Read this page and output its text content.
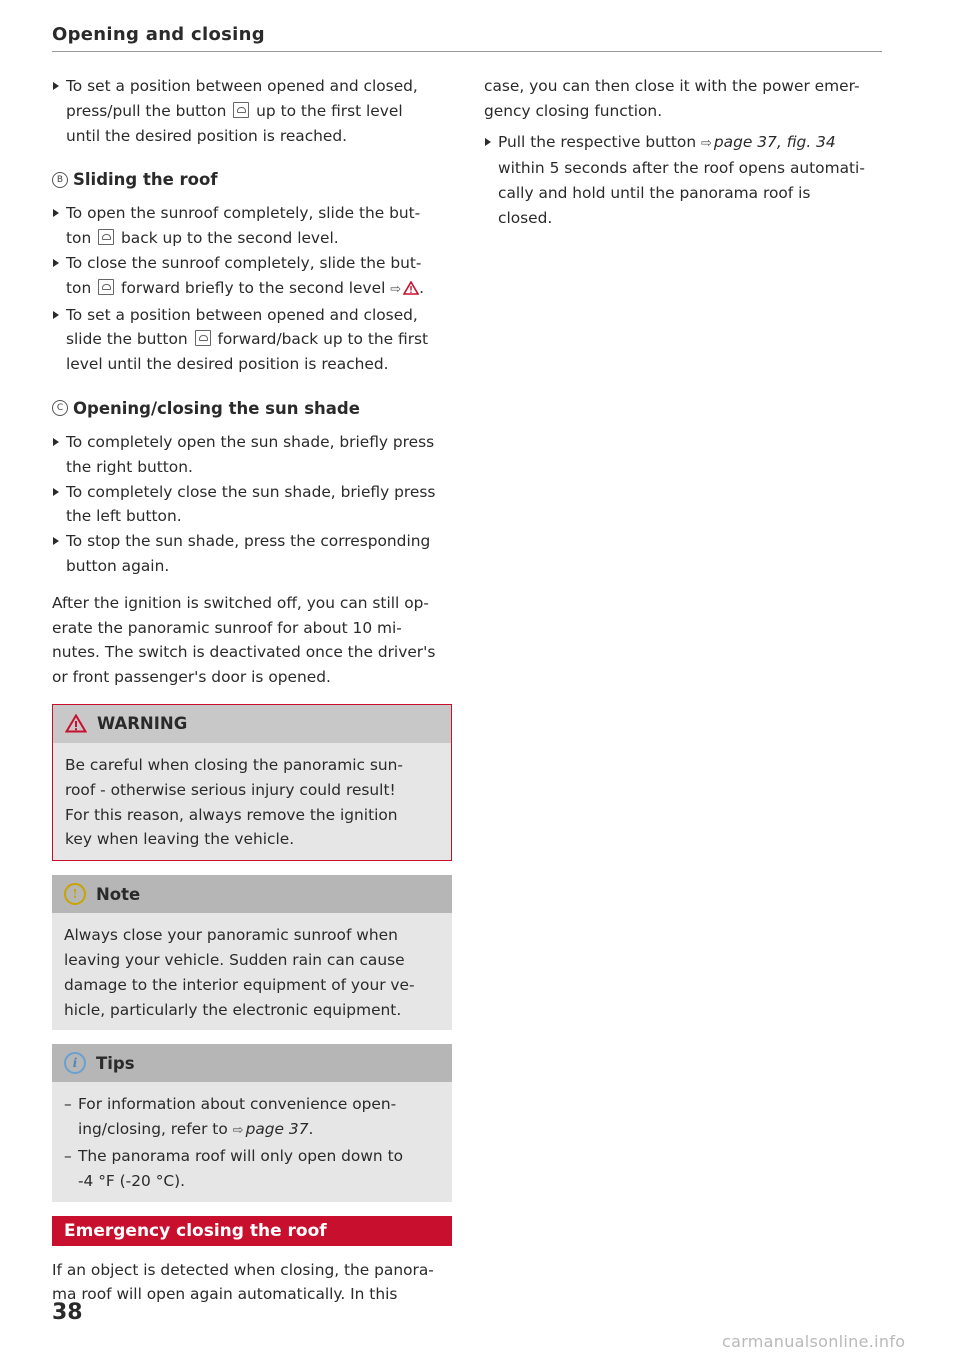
Opening and closing
To set a position between opened and closed,
press/pull the button up to the first level
until the desired position is reached.
B Sliding the roof
To open the sunroof completely, slide the but-
ton back up to the second level.
To close the sunroof completely, slide the but-
ton forward briefly to the second level ⇨ .
To set a position between opened and closed,
slide the button forward/back up to the first
level until the desired position is reached.
C Opening/closing the sun shade
To completely open the sun shade, briefly press
the right button.
To completely close the sun shade, briefly press
the left button.
To stop the sun shade, press the corresponding
button again.
After the ignition is switched off, you can still op-
erate the panoramic sunroof for about 10 mi-
nutes. The switch is deactivated once the driver's
or front passenger's door is opened.
WARNING
Be careful when closing the panoramic sun-
roof - otherwise serious injury could result!
For this reason, always remove the ignition
key when leaving the vehicle.
!	Note
Always close your panoramic sunroof when
leaving your vehicle. Sudden rain can cause
damage to the interior equipment of your ve-
hicle, particularly the electronic equipment.
i	Tips
– For information about convenience open-
ing/closing, refer to ⇨ page 37.
– The panorama roof will only open down to
-4 °F (-20 °C).
Emergency closing the roof
If an object is detected when closing, the panora-
ma roof will open again automatically. In this
case, you can then close it with the power emer-
gency closing function.
Pull the respective button ⇨ page 37, fig. 34
within 5 seconds after the roof opens automati-
cally and hold until the panorama roof is
closed.
38
carmanualsonline.info
